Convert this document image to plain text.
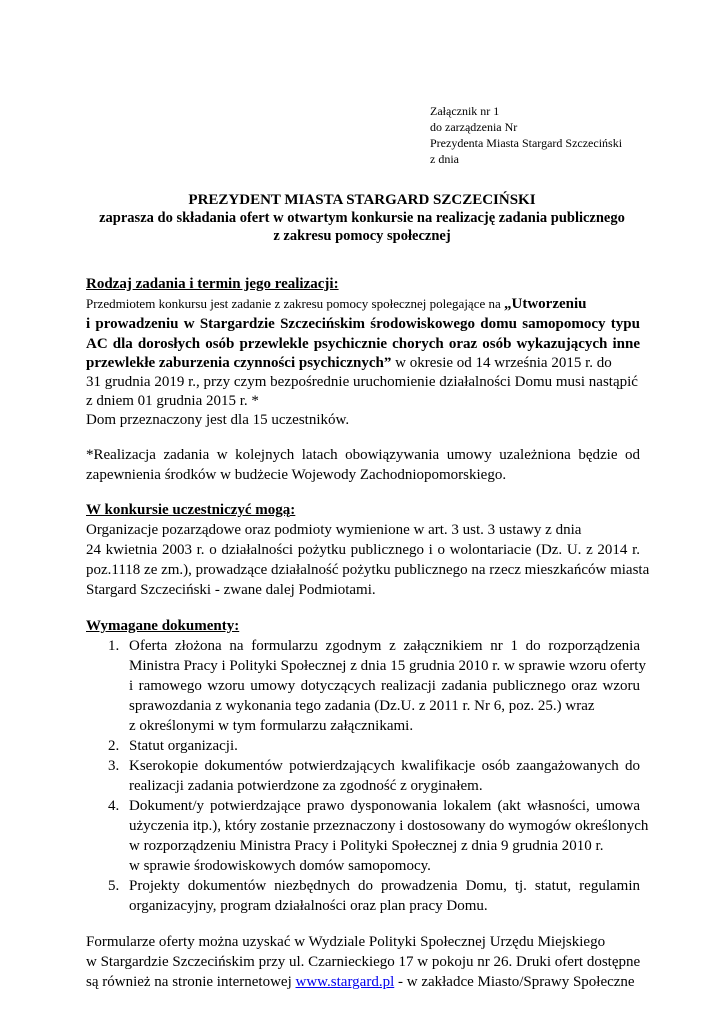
Załącznik nr 1
do zarządzenia Nr
Prezydenta Miasta Stargard Szczeciński
z dnia
PREZYDENT MIASTA STARGARD SZCZECIŃSKI
zaprasza do składania ofert w otwartym konkursie na realizację zadania publicznego
z zakresu pomocy społecznej
Rodzaj zadania i termin jego realizacji:
Przedmiotem konkursu jest zadanie z zakresu pomocy społecznej polegające na „Utworzeniu
i prowadzeniu w Stargardzie Szczecińskim środowiskowego domu samopomocy typu
AC dla dorosłych osób przewlekle psychicznie chorych oraz osób wykazujących inne
przewlekłe zaburzenia czynności psychicznych” w okresie od 14 września 2015 r. do
31 grudnia 2019 r., przy czym bezpośrednie uruchomienie działalności Domu musi nastąpić
z dniem 01 grudnia 2015 r. *
Dom przeznaczony jest dla 15 uczestników.
*Realizacja zadania w kolejnych latach obowiązywania umowy uzależniona będzie od
zapewnienia środków w budżecie Wojewody Zachodniopomorskiego.
W konkursie uczestniczyć mogą:
Organizacje pozarządowe oraz podmioty wymienione w art. 3 ust. 3 ustawy z dnia
24 kwietnia 2003 r. o działalności pożytku publicznego i o wolontariacie (Dz. U. z 2014 r.
poz.1118 ze zm.), prowadzące działalność pożytku publicznego na rzecz mieszkańców miasta
Stargard Szczeciński - zwane dalej Podmiotami.
Wymagane dokumenty:
1. Oferta złożona na formularzu zgodnym z załącznikiem nr 1 do rozporządzenia
Ministra Pracy i Polityki Społecznej z dnia 15 grudnia 2010 r. w sprawie wzoru oferty
i ramowego wzoru umowy dotyczących realizacji zadania publicznego oraz wzoru
sprawozdania z wykonania tego zadania (Dz.U. z 2011 r. Nr 6, poz. 25.) wraz
z określonymi w tym formularzu załącznikami.
2. Statut organizacji.
3. Kserokopie dokumentów potwierdzających kwalifikacje osób zaangażowanych do
realizacji zadania potwierdzone za zgodność z oryginałem.
4. Dokument/y potwierdzające prawo dysponowania lokalem (akt własności, umowa
użyczenia itp.), który zostanie przeznaczony i dostosowany do wymogów określonych
w rozporządzeniu Ministra Pracy i Polityki Społecznej z dnia 9 grudnia 2010 r.
w sprawie środowiskowych domów samopomocy.
5. Projekty dokumentów niezbędnych do prowadzenia Domu, tj. statut, regulamin
organizacyjny, program działalności oraz plan pracy Domu.
Formularze oferty można uzyskać w Wydziale Polityki Społecznej Urzędu Miejskiego
w Stargardzie Szczecińskim przy ul. Czarnieckiego 17 w pokoju nr 26. Druki ofert dostępne
są również na stronie internetowej www.stargard.pl - w zakładce Miasto/Sprawy Społeczne
